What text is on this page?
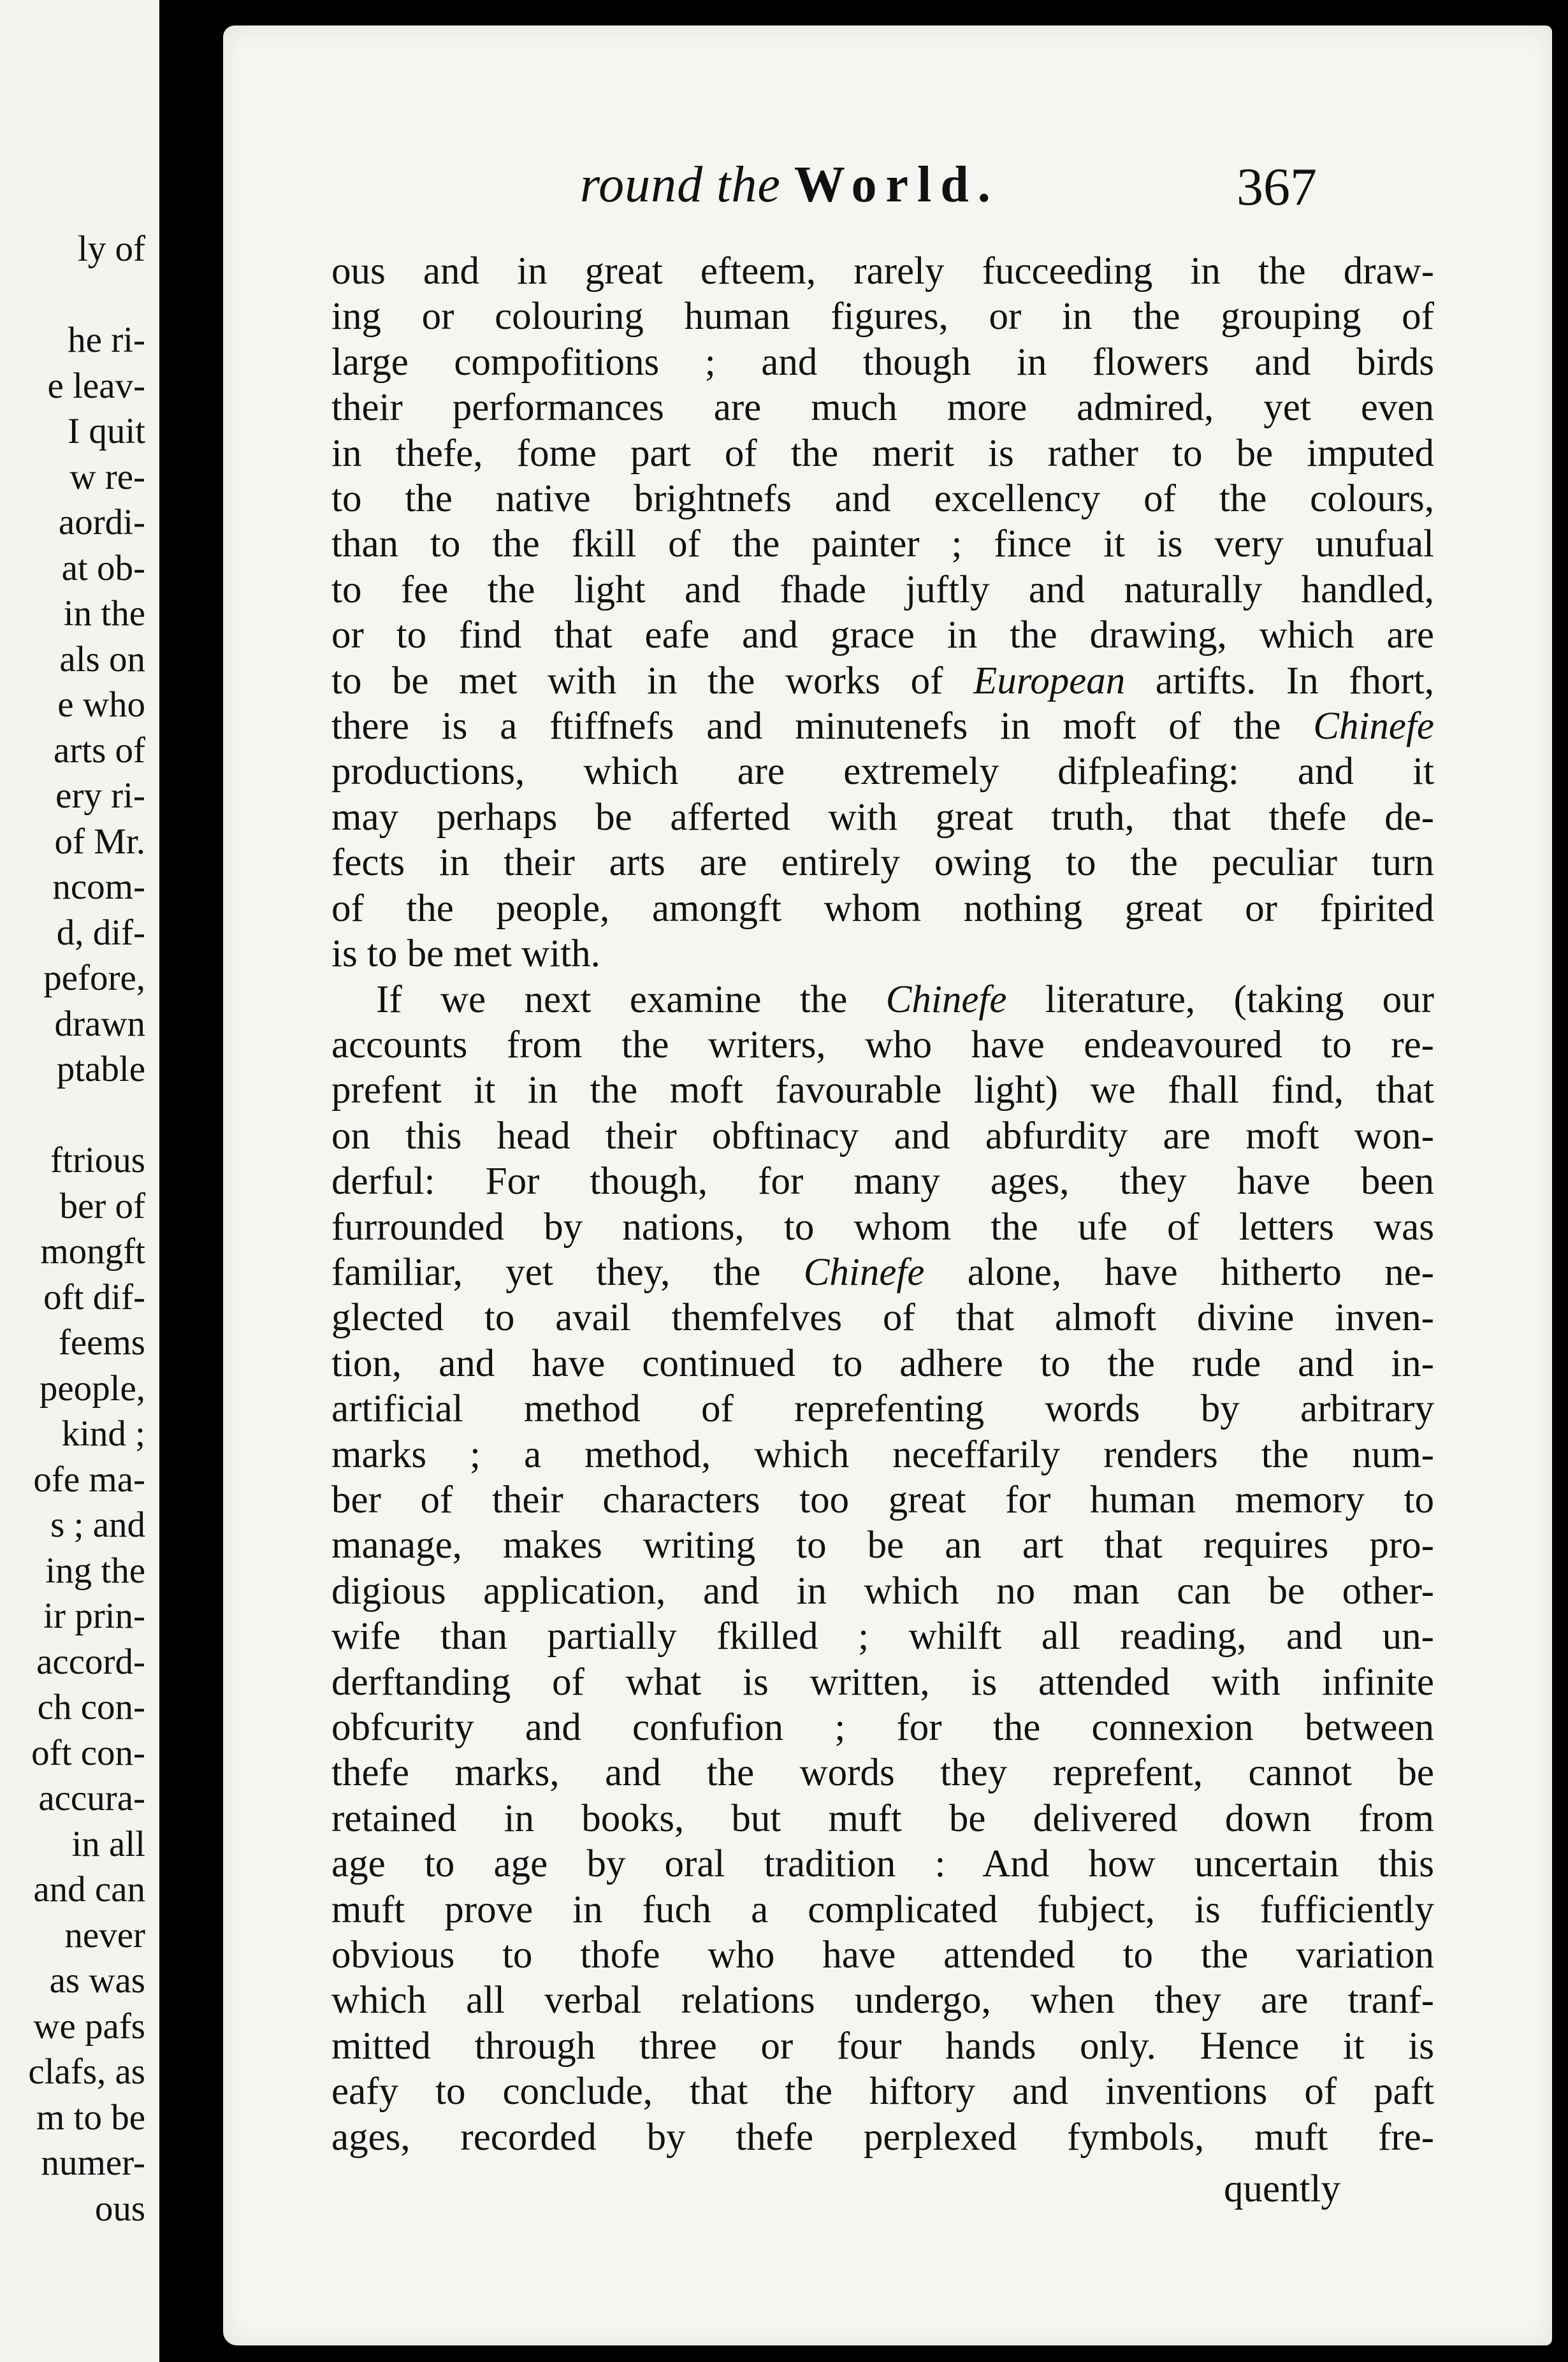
ly of

he ri-
e leav-
I quit
w re-
aordi-
at ob-
in the
als on
e who
arts of
ery ri-
of Mr.
ncom-
d, dif-
pefore,
drawn
ptable

ftrious
ber of
mongft
oft dif-
feems
people,
kind ;
ofe ma-
s ; and
ing the
ir prin-
accord-
ch con-
oft con-
accura-
in all
and can
never
as was
we pafs
clafs, as
m to be
numer-
ous
round the World.	367
ous and in great efteem, rarely fucceeding in the draw-
ing or colouring human figures, or in the grouping of
large compofitions ; and though in flowers and birds
their performances are much more admired, yet even
in thefe, fome part of the merit is rather to be imputed
to the native brightnefs and excellency of the colours,
than to the fkill of the painter ; fince it is very unufual
to fee the light and fhade juftly and naturally handled,
or to find that eafe and grace in the drawing, which are
to be met with in the works of European artifts. In fhort,
there is a ftiffnefs and minutenefs in moft of the Chinefe
productions, which are extremely difpleafing: and it
may perhaps be afferted with great truth, that thefe de-
fects in their arts are entirely owing to the peculiar turn
of the people, amongft whom nothing great or fpirited
is to be met with.
If we next examine the Chinefe literature, (taking our
accounts from the writers, who have endeavoured to re-
prefent it in the moft favourable light) we fhall find, that
on this head their obftinacy and abfurdity are moft won-
derful: For though, for many ages, they have been
furrounded by nations, to whom the ufe of letters was
familiar, yet they, the Chinefe alone, have hitherto ne-
glected to avail themfelves of that almoft divine inven-
tion, and have continued to adhere to the rude and in-
artificial method of reprefenting words by arbitrary
marks ; a method, which neceffarily renders the num-
ber of their characters too great for human memory to
manage, makes writing to be an art that requires pro-
digious application, and in which no man can be other-
wife than partially fkilled ; whilft all reading, and un-
derftanding of what is written, is attended with infinite
obfcurity and confufion ; for the connexion between
thefe marks, and the words they reprefent, cannot be
retained in books, but muft be delivered down from
age to age by oral tradition : And how uncertain this
muft prove in fuch a complicated fubject, is fufficiently
obvious to thofe who have attended to the variation
which all verbal relations undergo, when they are tranf-
mitted through three or four hands only. Hence it is
eafy to conclude, that the hiftory and inventions of paft
ages, recorded by thefe perplexed fymbols, muft fre-
quently
